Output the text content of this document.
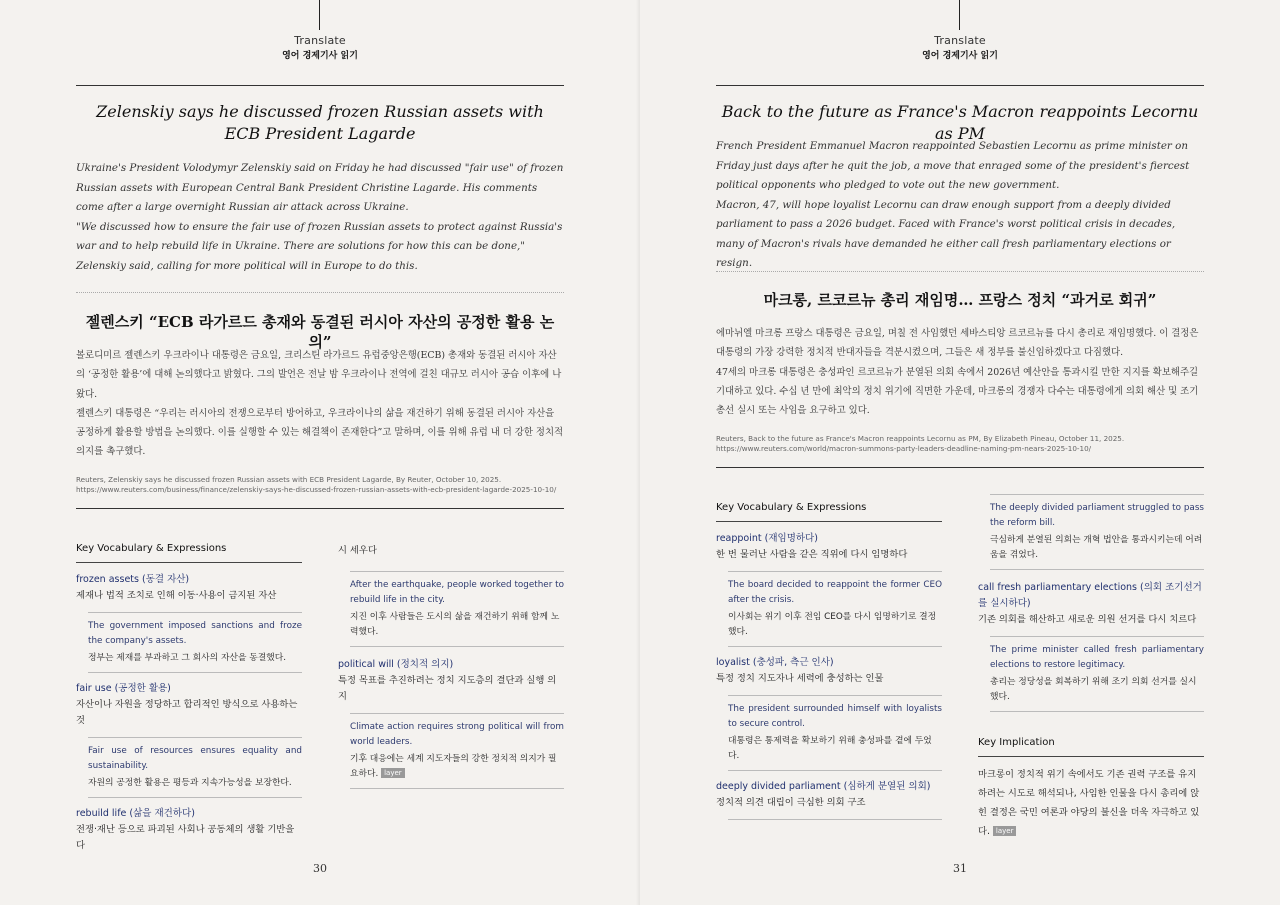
Translate
영어 경제기사 읽기
Zelenskiy says he discussed frozen Russian assets with ECB President Lagarde

Ukraine's President Volodymyr Zelenskiy said on Friday he had discussed "fair use" of frozen Russian assets with European Central Bank President Christine Lagarde. His comments come after a large overnight Russian air attack across Ukraine.

"We discussed how to ensure the fair use of frozen Russian assets to protect against Russia's war and to help rebuild life in Ukraine. There are solutions for how this can be done," Zelenskiy said, calling for more political will in Europe to do this.

젤렌스키 “ECB 라가르드 총재와 동결된 러시아 자산의 공정한 활용 논의”

볼로디미르 젤렌스키 우크라이나 대통령은 금요일, 크리스틴 라가르드 유럽중앙은행(ECB) 총재와 동결된 러시아 자산의 ‘공정한 활용’에 대해 논의했다고 밝혔다. 그의 발언은 전날 밤 우크라이나 전역에 걸친 대규모 러시아 공습 이후에 나왔다.

젤렌스키 대통령은 “우리는 러시아의 전쟁으로부터 방어하고, 우크라이나의 삶을 재건하기 위해 동결된 러시아 자산을 공정하게 활용할 방법을 논의했다. 이를 실행할 수 있는 해결책이 존재한다”고 말하며, 이를 위해 유럽 내 더 강한 정치적 의지를 촉구했다.

Reuters, Zelenskiy says he discussed frozen Russian assets with ECB President Lagarde, By Reuter, October 10, 2025. https://www.reuters.com/business/finance/zelenskiy-says-he-discussed-frozen-russian-assets-with-ecb-president-lagarde-2025-10-10/
Key Vocabulary & Expressions
frozen assets (동결 자산)
제재나 법적 조치로 인해 이동·사용이 금지된 자산
The government imposed sanctions and froze the company's assets.
정부는 제재를 부과하고 그 회사의 자산을 동결했다.
fair use (공정한 활용)
자산이나 자원을 정당하고 합리적인 방식으로 사용하는 것
Fair use of resources ensures equality and sustainability.
자원의 공정한 활용은 평등과 지속가능성을 보장한다.
rebuild life (삶을 재건하다)
전쟁·재난 등으로 파괴된 사회나 공동체의 생활 기반을 다
시 세우다
After the earthquake, people worked together to rebuild life in the city.
지진 이후 사람들은 도시의 삶을 재건하기 위해 함께 노력했다.
political will (정치적 의지)
특정 목표를 추진하려는 정치 지도층의 결단과 실행 의지
Climate action requires strong political will from world leaders.
기후 대응에는 세계 지도자들의 강한 정치적 의지가 필요하다. layer
30
Translate
영어 경제기사 읽기
Back to the future as France's Macron reappoints Lecornu as PM

French President Emmanuel Macron reappointed Sebastien Lecornu as prime minister on Friday just days after he quit the job, a move that enraged some of the president's fiercest political opponents who pledged to vote out the new government.

Macron, 47, will hope loyalist Lecornu can draw enough support from a deeply divided parliament to pass a 2026 budget. Faced with France's worst political crisis in decades, many of Macron's rivals have demanded he either call fresh parliamentary elections or resign.

마크롱, 르코르뉴 총리 재임명… 프랑스 정치 “과거로 회귀”

에마뉘엘 마크롱 프랑스 대통령은 금요일, 며칠 전 사임했던 세바스티앙 르코르뉴를 다시 총리로 재임명했다. 이 결정은 대통령의 가장 강력한 정치적 반대자들을 격분시켰으며, 그들은 새 정부를 불신임하겠다고 다짐했다.

47세의 마크롱 대통령은 충성파인 르코르뉴가 분열된 의회 속에서 2026년 예산안을 통과시킬 만한 지지를 확보해주길 기대하고 있다. 수십 년 만에 최악의 정치 위기에 직면한 가운데, 마크롱의 경쟁자 다수는 대통령에게 의회 해산 및 조기 총선 실시 또는 사임을 요구하고 있다.

Reuters, Back to the future as France's Macron reappoints Lecornu as PM, By Elizabeth Pineau, October 11, 2025. https://www.reuters.com/world/macron-summons-party-leaders-deadline-naming-pm-nears-2025-10-10/
Key Vocabulary & Expressions
reappoint (재임명하다)
한 번 물러난 사람을 같은 직위에 다시 임명하다
The board decided to reappoint the former CEO after the crisis.
이사회는 위기 이후 전임 CEO를 다시 임명하기로 결정했다.
loyalist (충성파, 측근 인사)
특정 정치 지도자나 세력에 충성하는 인물
The president surrounded himself with loyalists to secure control.
대통령은 통제력을 확보하기 위해 충성파를 곁에 두었다.
deeply divided parliament (심하게 분열된 의회)
정치적 의견 대립이 극심한 의회 구조
The deeply divided parliament struggled to pass the reform bill.
극심하게 분열된 의회는 개혁 법안을 통과시키는데 어려움을 겪었다.
call fresh parliamentary elections (의회 조기선거를 실시하다)
기존 의회를 해산하고 새로운 의원 선거를 다시 치르다
The prime minister called fresh parliamentary elections to restore legitimacy.
총리는 정당성을 회복하기 위해 조기 의회 선거를 실시했다.
Key Implication
마크롱이 정치적 위기 속에서도 기존 권력 구조를 유지하려는 시도로 해석되나, 사임한 인물을 다시 총리에 앉힌 결정은 국민 여론과 야당의 불신을 더욱 자극하고 있다. layer
31
